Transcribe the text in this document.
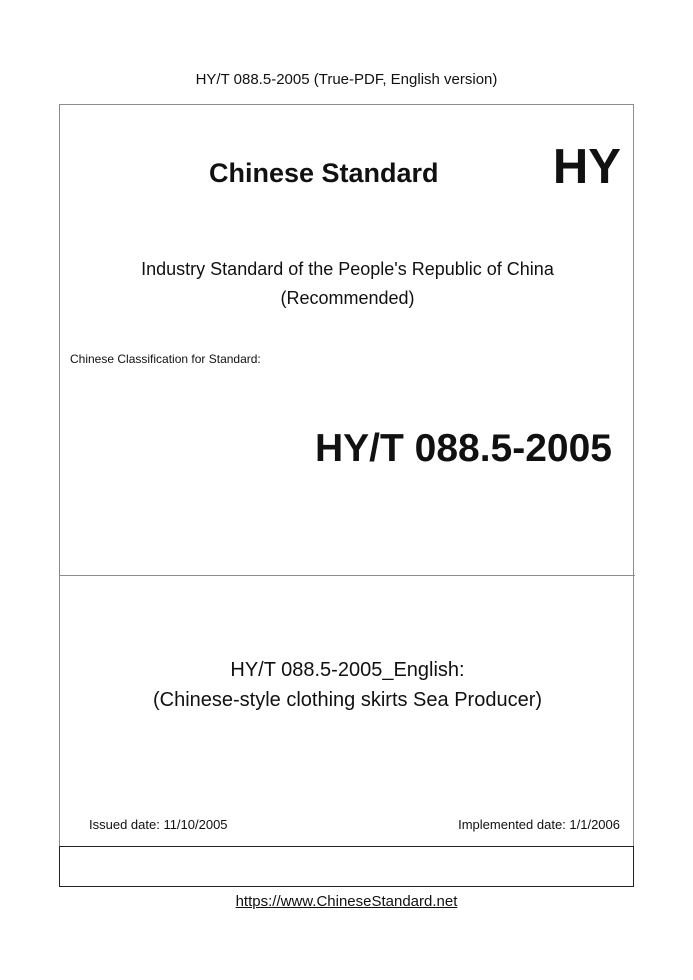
HY/T 088.5-2005 (True-PDF, English version)
Chinese Standard HY
Industry Standard of the People's Republic of China
(Recommended)
Chinese Classification for Standard:
HY/T 088.5-2005
HY/T 088.5-2005_English:
(Chinese-style clothing skirts Sea Producer)
Issued date: 11/10/2005	Implemented date: 1/1/2006
https://www.ChineseStandard.net
